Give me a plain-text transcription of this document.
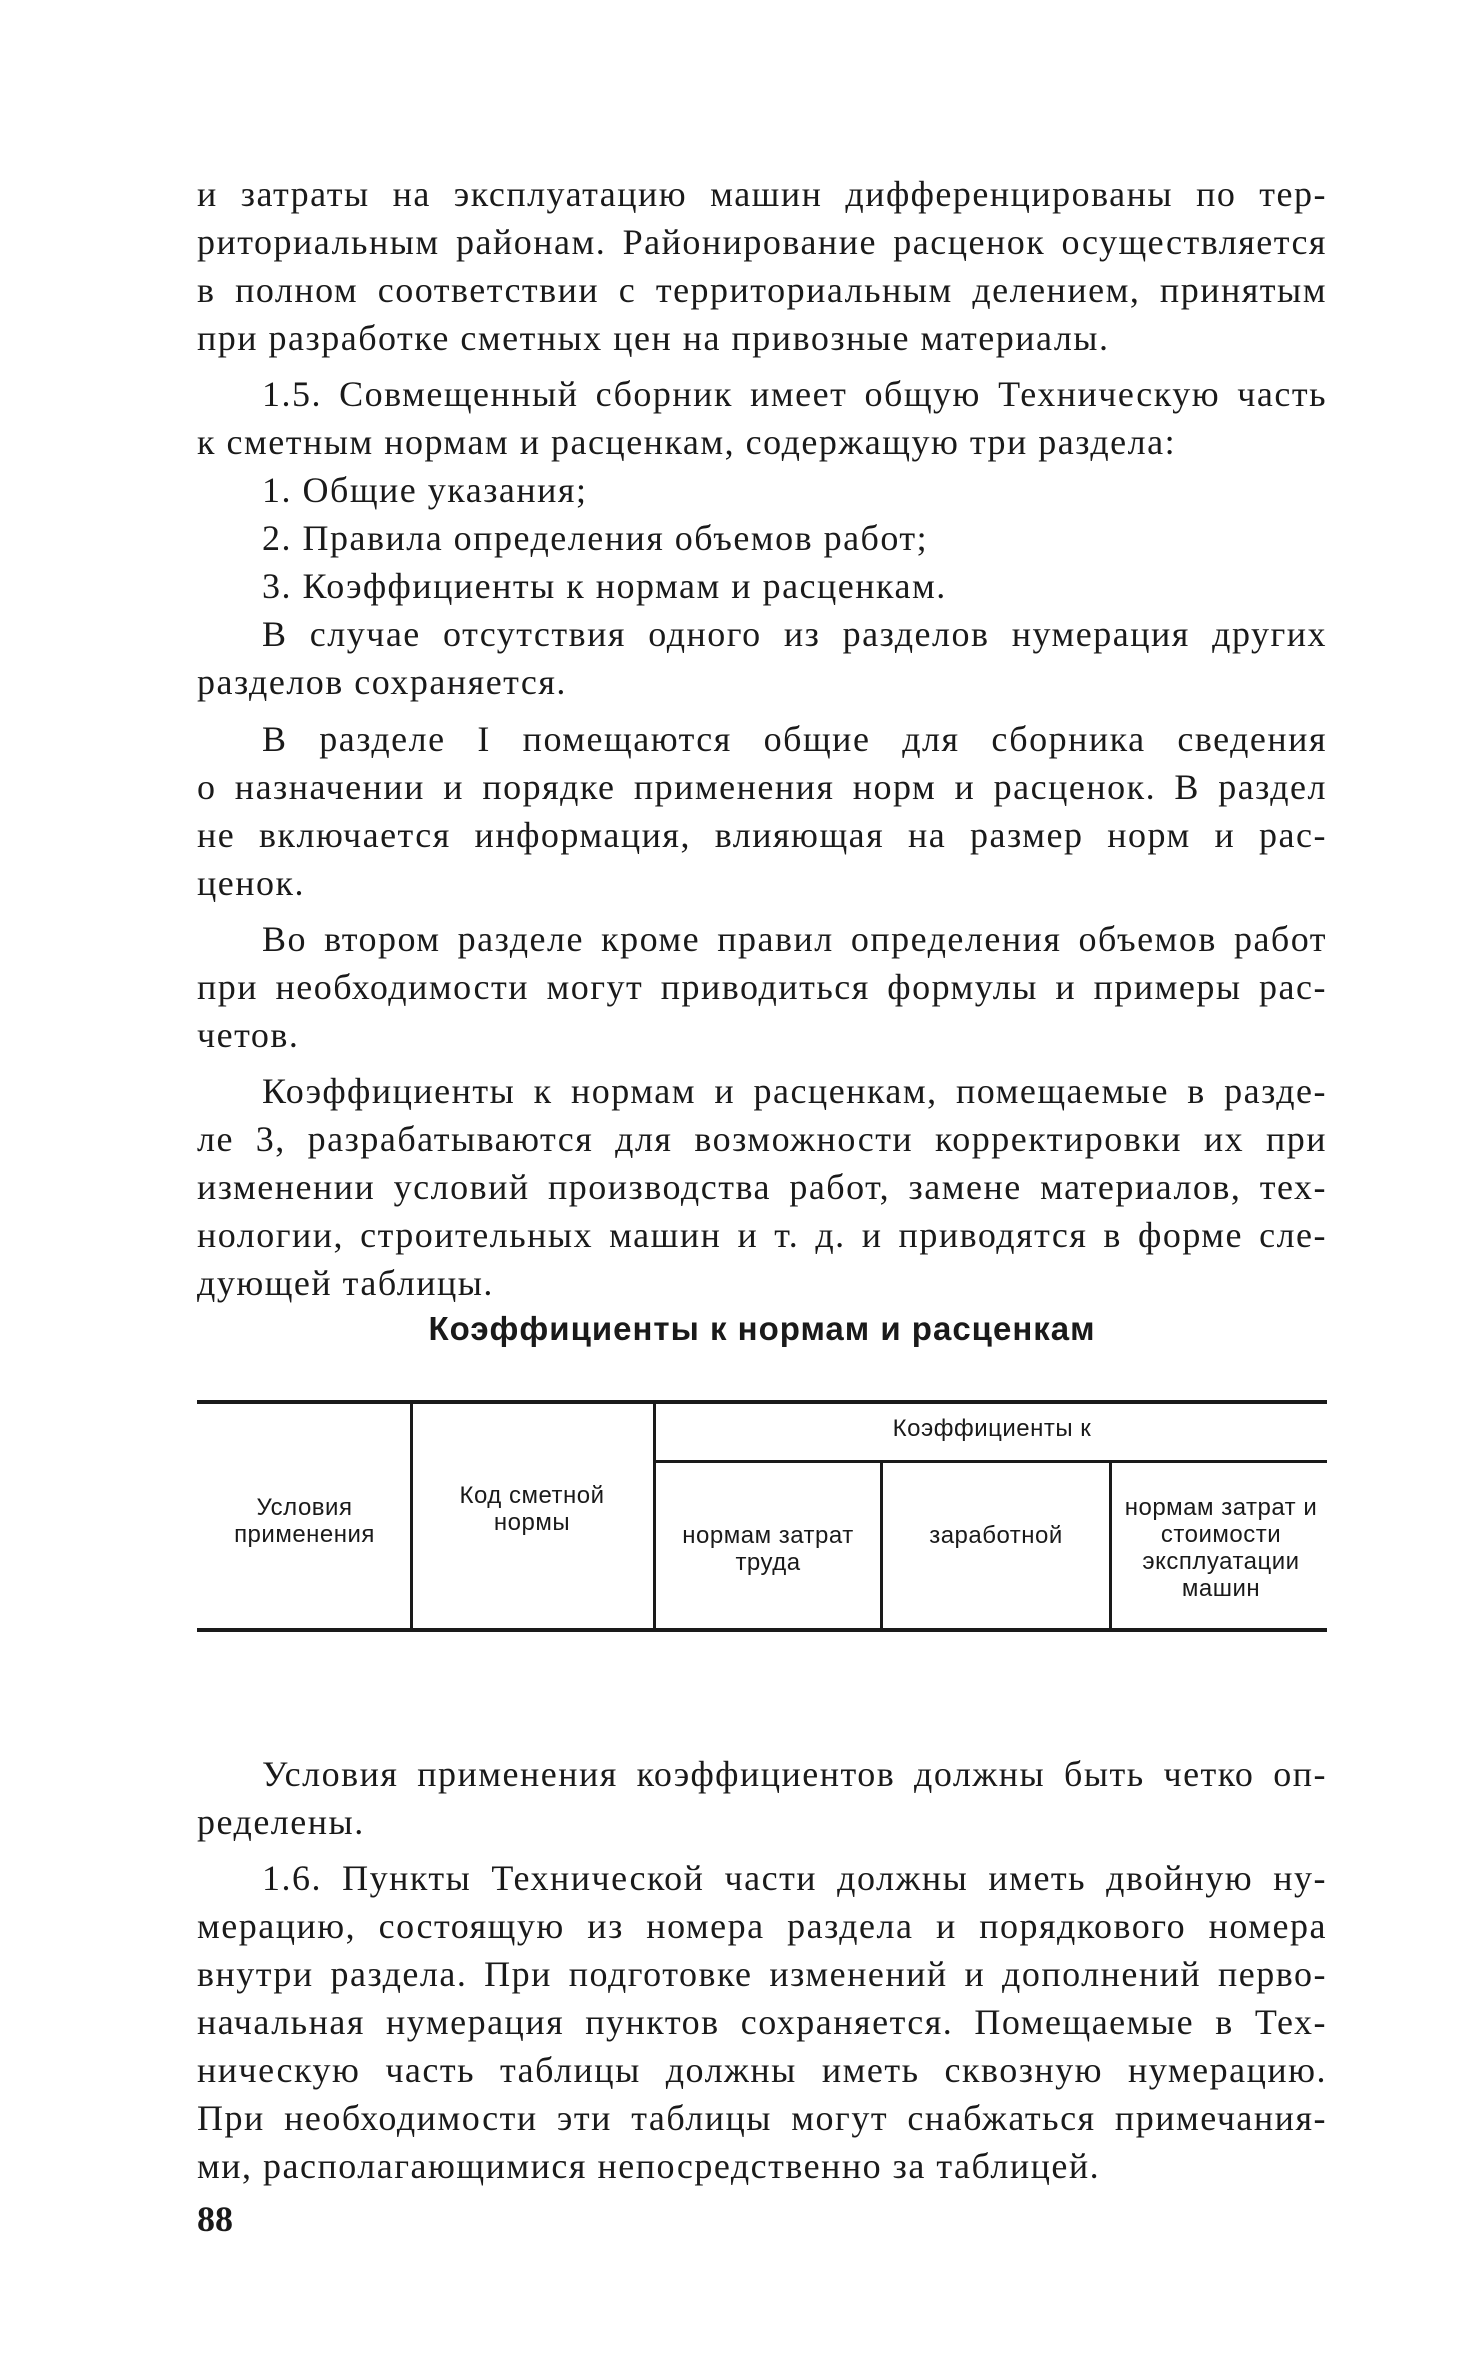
и затраты на эксплуатацию машин дифференцированы по тер-
риториальным районам. Районирование расценок осуществляется
в полном соответствии с территориальным делением, принятым
при разработке сметных цен на привозные материалы.
1.5. Совмещенный сборник имеет общую Техническую часть
к сметным нормам и расценкам, содержащую три раздела:
1. Общие указания;
2. Правила определения объемов работ;
3. Коэффициенты к нормам и расценкам.
В случае отсутствия одного из разделов нумерация других
разделов сохраняется.
В разделе I помещаются общие для сборника сведения
о назначении и порядке применения норм и расценок. В раздел
не включается информация, влияющая на размер норм и рас-
ценок.
Во втором разделе кроме правил определения объемов работ
при необходимости могут приводиться формулы и примеры рас-
четов.
Коэффициенты к нормам и расценкам, помещаемые в разде-
ле 3, разрабатываются для возможности корректировки их при
изменении условий производства работ, замене материалов, тех-
нологии, строительных машин и т. д. и приводятся в форме сле-
дующей таблицы.
Коэффициенты к нормам и расценкам
Условия применения
Код сметной нормы
Коэффициенты к
нормам затрат труда
заработной
нормам затрат и стоимости эксплуатации машин
Условия применения коэффициентов должны быть четко оп-
ределены.
1.6. Пункты Технической части должны иметь двойную ну-
мерацию, состоящую из номера раздела и порядкового номера
внутри раздела. При подготовке изменений и дополнений перво-
начальная нумерация пунктов сохраняется. Помещаемые в Тех-
ническую часть таблицы должны иметь сквозную нумерацию.
При необходимости эти таблицы могут снабжаться примечания-
ми, располагающимися непосредственно за таблицей.
88
